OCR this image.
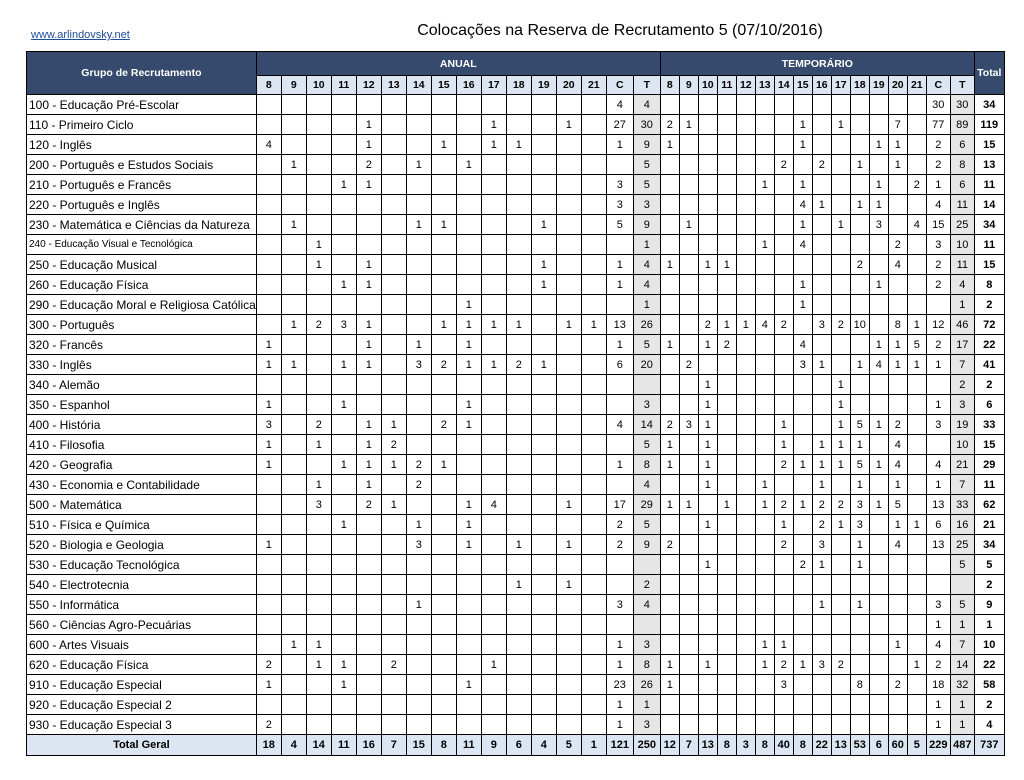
www.arlindovsky.net	Colocações na Reserva de Recrutamento 5 (07/10/2016)
Grupo de Recrutamento	ANUAL																TEMPORÁRIO																Total
	8	9	10	11	12	13	14	15	16	17	18	19	20	21	C	T	8	9	10	11	12	13	14	15	16	17	18	19	20	21	C	T	
100 - Educação Pré-Escolar															4	4															30	30	34
110 - Primeiro Ciclo					1					1			1		27	30	2	1						1		1			7		77	89	119
120 - Inglês	4				1			1		1	1				1	9	1							1				1	1		2	6	15
200 - Português e Estudos Sociais		1			2		1		1							5							2		2		1		1		2	8	13
210 - Português e Francês				1	1										3	5						1		1				1		2	1	6	11
220 - Português e Inglês															3	3								4	1		1	1			4	11	14
230 - Matemática e Ciências da Natureza		1					1	1				1			5	9		1						1		1		3		4	15	25	34
240 - Educação Visual e Tecnológica			1													1						1		4					2		3	10	11
250 - Educação Musical			1		1							1			1	4	1		1	1							2		4		2	11	15
260 - Educação Física				1	1							1			1	4								1				1			2	4	8
290 - Educação Moral e Religiosa Católica									1							1								1								1	2
300 - Português		1	2	3	1			1	1	1	1		1	1	13	26			2	1	1	4	2		3	2	10		8	1	12	46	72
320 - Francês	1				1		1		1						1	5	1		1	2				4				1	1	5	2	17	22
330 - Inglês	1	1		1	1		3	2	1	1	2	1			6	20		2						3	1		1	4	1	1	1	7	41
340 - Alemão																			1							1						2	2
350 - Espanhol	1			1					1							3			1							1					1	3	6
400 - História	3		2		1	1		2	1						4	14	2	3	1				1			1	5	1	2		3	19	33
410 - Filosofia	1		1		1	2										5	1		1				1		1	1	1		4			10	15
420 - Geografia	1			1	1	1	2	1							1	8	1		1				2	1	1	1	5	1	4		4	21	29
430 - Economia e Contabilidade			1		1		2									4			1			1			1		1		1		1	7	11
500 - Matemática			3		2	1			1	4			1		17	29	1	1		1		1	2	1	2	2	3	1	5		13	33	62
510 - Física e Química				1			1		1						2	5			1				1		2	1	3		1	1	6	16	21
520 - Biologia e Geologia	1						3		1		1		1		2	9	2						2		3		1		4		13	25	34
530 - Educação Tecnológica																			1					2	1		1					5	5
540 - Electrotecnia											1		1			2																	2
550 - Informática							1								3	4									1		1				3	5	9
560 - Ciências Agro-Pecuárias																															1	1	1
600 - Artes Visuais		1	1												1	3						1	1						1		4	7	10
620 - Educação Física	2		1	1		2				1					1	8	1		1			1	2	1	3	2				1	2	14	22
910 - Educação Especial	1			1					1						23	26	1						3				8		2		18	32	58
920 - Educação Especial 2															1	1															1	1	2
930 - Educação Especial 3	2														1	3															1	1	4
Total Geral	18	4	14	11	16	7	15	8	11	9	6	4	5	1	121	250	12	7	13	8	3	8	40	8	22	13	53	6	60	5	229	487	737
